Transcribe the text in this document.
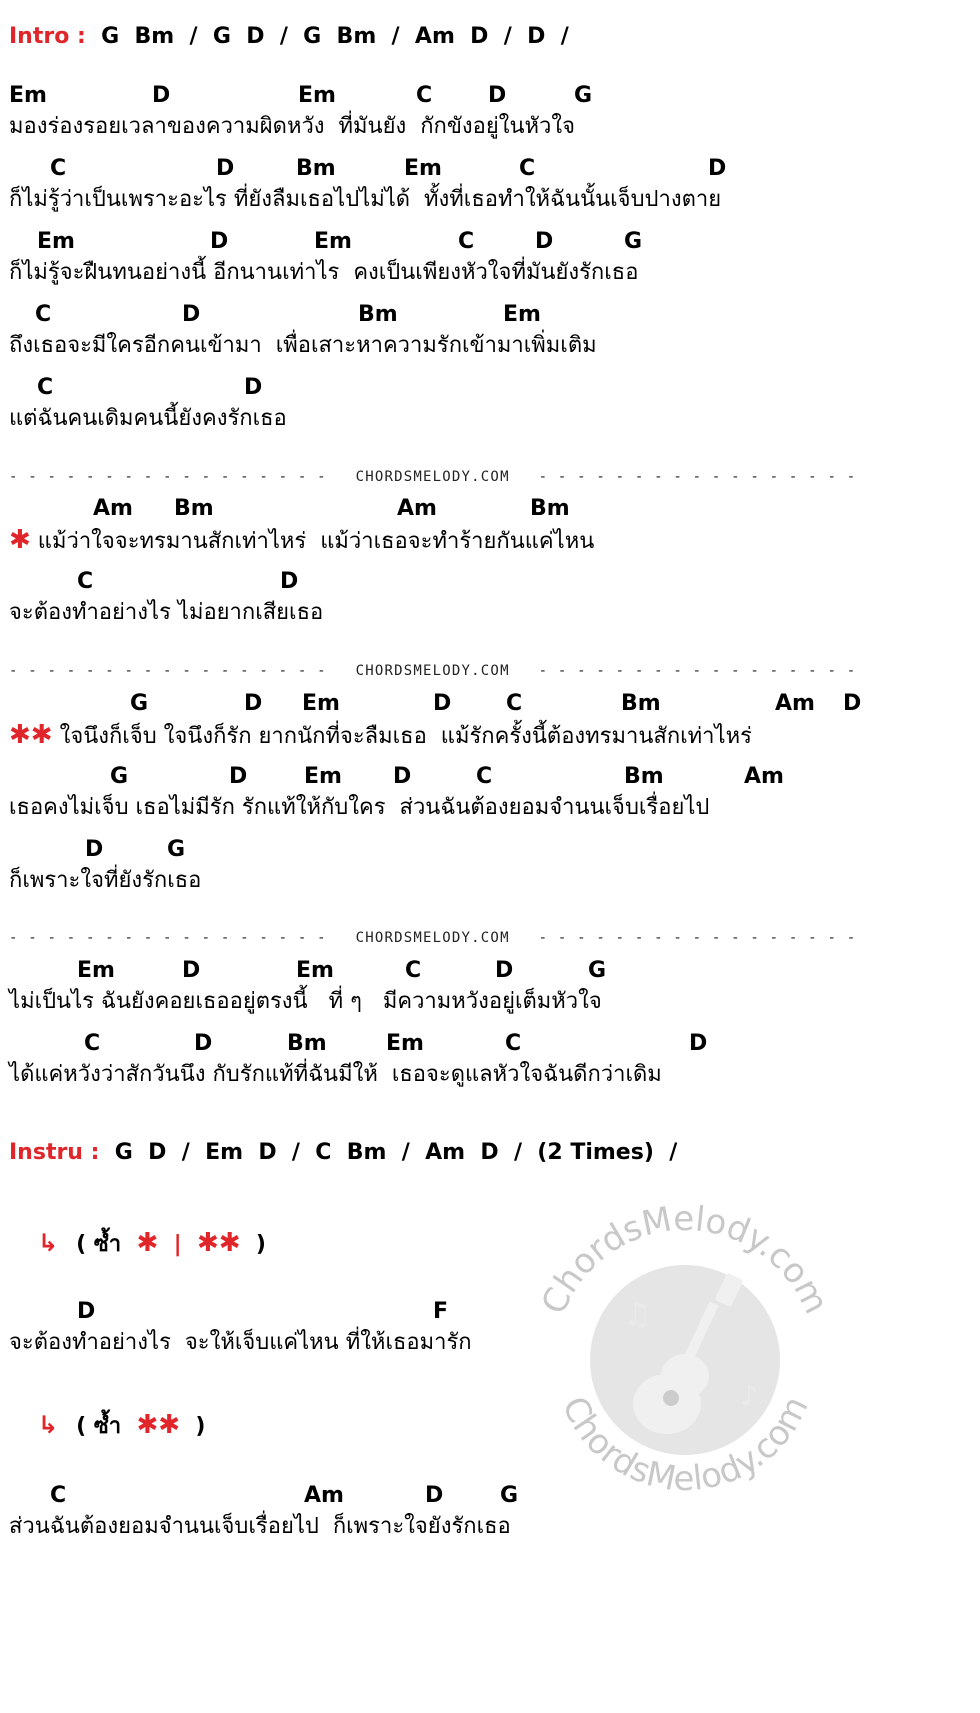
Intro : G  Bm  /  G  D  /  G  Bm  /  Am  D  /  D  /
Em	D	Em	C	D	G
มองร่องรอยเวลาของความผิดหวัง  ที่มันยัง  กักขังอยู่ในหัวใจ
C	D	Bm	Em	C	D
ก็ไม่รู้ว่าเป็นเพราะอะไร ที่ยังลืมเธอไปไม่ได้  ทั้งที่เธอทำให้ฉันนั้นเจ็บปางตาย
Em	D	Em	C	D	G
ก็ไม่รู้จะฝืนทนอย่างนี้ อีกนานเท่าไร  คงเป็นเพียงหัวใจที่มันยังรักเธอ
C	D	Bm	Em
ถึงเธอจะมีใครอีกคนเข้ามา  เพื่อเสาะหาความรักเข้ามาเพิ่มเติม
C	D
แต่ฉันคนเดิมคนนี้ยังคงรักเธอ
- - - - - - - - - - - - - - - - -   CHORDSMELODY.COM   - - - - - - - - - - - - - - - - -
Am Bm	Am	Bm
✱ แม้ว่าใจจะทรมานสักเท่าไหร่  แม้ว่าเธอจะทำร้ายกันแค่ไหน
C	D
จะต้องทำอย่างไร ไม่อยากเสียเธอ
- - - - - - - - - - - - - - - - -   CHORDSMELODY.COM   - - - - - - - - - - - - - - - - -
G	D Em	D C	Bm	Am D
✱✱ ใจนึงก็เจ็บ ใจนึงก็รัก ยากนักที่จะลืมเธอ  แม้รักครั้งนี้ต้องทรมานสักเท่าไหร่
G	D	Em D	C	Bm	Am
เธอคงไม่เจ็บ เธอไม่มีรัก รักแท้ให้กับใคร  ส่วนฉันต้องยอมจำนนเจ็บเรื่อยไป
D	G
ก็เพราะใจที่ยังรักเธอ
- - - - - - - - - - - - - - - - -   CHORDSMELODY.COM   - - - - - - - - - - - - - - - - -
Em	D	Em	C	D	G
ไม่เป็นไร ฉันยังคอยเธออยู่ตรงนี้   ที่ ๆ   มีความหวังอยู่เต็มหัวใจ
C	D	Bm	Em	C	D
ได้แค่หวังว่าสักวันนึง กับรักแท้ที่ฉันมีให้  เธอจะดูแลหัวใจฉันดีกว่าเดิม
Instru : G  D  /  Em  D  /  C  Bm  /  Am  D  /  (2 Times)  /
↳ ( ซ้ำ ✱ | ✱✱ )
D	F
จะต้องทำอย่างไร  จะให้เจ็บแค่ไหน ที่ให้เธอมารัก
↳ ( ซ้ำ ✱✱ )
C	Am	D	G
ส่วนฉันต้องยอมจำนนเจ็บเรื่อยไป  ก็เพราะใจยังรักเธอ
♫
♪
ChordsMelody.com
ChordsMelody.com
